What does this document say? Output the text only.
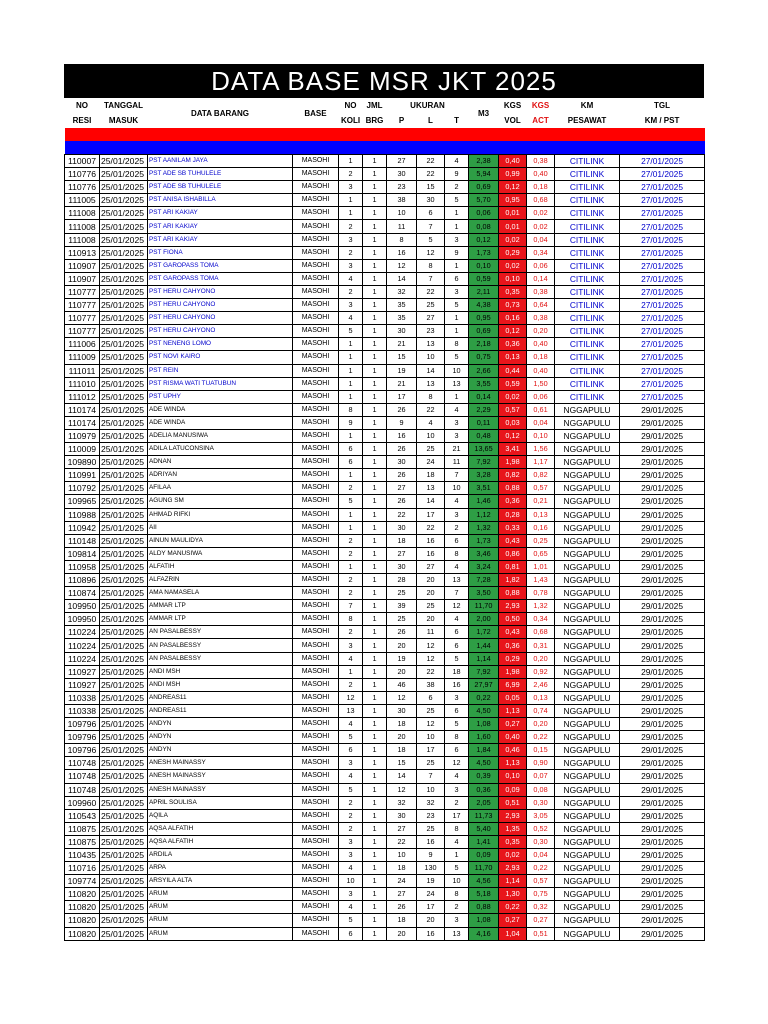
DATA BASE MSR JKT 2025
NO	TANGGAL	DATA BARANG	BASE	NO	JML	UKURAN			M3	KGS	KGS	KM	TGL
RESI	MASUK			KOLI	BRG	P	L	T		VOL	ACT	PESAWAT	KM / PST

110007	25/01/2025	PST AANILAM JAYA	MASOHI	1	1	27	22	4	2,38	0,40	0,38	CITILINK	27/01/2025
110776	25/01/2025	PST ADE SB TUHULELE	MASOHI	2	1	30	22	9	5,94	0,99	0,40	CITILINK	27/01/2025
110776	25/01/2025	PST ADE SB TUHULELE	MASOHI	3	1	23	15	2	0,69	0,12	0,18	CITILINK	27/01/2025
111005	25/01/2025	PST ANISA ISHABILLA	MASOHI	1	1	38	30	5	5,70	0,95	0,68	CITILINK	27/01/2025
111008	25/01/2025	PST ARI KAKIAY	MASOHI	1	1	10	6	1	0,06	0,01	0,02	CITILINK	27/01/2025
111008	25/01/2025	PST ARI KAKIAY	MASOHI	2	1	11	7	1	0,08	0,01	0,02	CITILINK	27/01/2025
111008	25/01/2025	PST ARI KAKIAY	MASOHI	3	1	8	5	3	0,12	0,02	0,04	CITILINK	27/01/2025
110913	25/01/2025	PST FIONA	MASOHI	2	1	16	12	9	1,73	0,29	0,34	CITILINK	27/01/2025
110907	25/01/2025	PST GAROPASS TOMA	MASOHI	3	1	12	8	1	0,10	0,02	0,06	CITILINK	27/01/2025
110907	25/01/2025	PST GAROPASS TOMA	MASOHI	4	1	14	7	6	0,59	0,10	0,14	CITILINK	27/01/2025
110777	25/01/2025	PST HERU CAHYONO	MASOHI	2	1	32	22	3	2,11	0,35	0,38	CITILINK	27/01/2025
110777	25/01/2025	PST HERU CAHYONO	MASOHI	3	1	35	25	5	4,38	0,73	0,64	CITILINK	27/01/2025
110777	25/01/2025	PST HERU CAHYONO	MASOHI	4	1	35	27	1	0,95	0,16	0,38	CITILINK	27/01/2025
110777	25/01/2025	PST HERU CAHYONO	MASOHI	5	1	30	23	1	0,69	0,12	0,20	CITILINK	27/01/2025
111006	25/01/2025	PST NENENG LOMO	MASOHI	1	1	21	13	8	2,18	0,36	0,40	CITILINK	27/01/2025
111009	25/01/2025	PST NOVI KAIRO	MASOHI	1	1	15	10	5	0,75	0,13	0,18	CITILINK	27/01/2025
111011	25/01/2025	PST REIN	MASOHI	1	1	19	14	10	2,66	0,44	0,40	CITILINK	27/01/2025
111010	25/01/2025	PST RISMA WATI TUATUBUN	MASOHI	1	1	21	13	13	3,55	0,59	1,50	CITILINK	27/01/2025
111012	25/01/2025	PST UPHY	MASOHI	1	1	17	8	1	0,14	0,02	0,06	CITILINK	27/01/2025
110174	25/01/2025	ADE WINDA	MASOHI	8	1	26	22	4	2,29	0,57	0,61	NGGAPULU	29/01/2025
110174	25/01/2025	ADE WINDA	MASOHI	9	1	9	4	3	0,11	0,03	0,04	NGGAPULU	29/01/2025
110979	25/01/2025	ADELIA MANUSIWA	MASOHI	1	1	16	10	3	0,48	0,12	0,10	NGGAPULU	29/01/2025
110009	25/01/2025	ADILA LATUCONSINA	MASOHI	6	1	26	25	21	13,65	3,41	1,56	NGGAPULU	29/01/2025
109890	25/01/2025	ADNAN	MASOHI	6	1	30	24	11	7,92	1,98	1,17	NGGAPULU	29/01/2025
110991	25/01/2025	ADRIYAN	MASOHI	1	1	26	18	7	3,28	0,82	0,82	NGGAPULU	29/01/2025
110792	25/01/2025	AFILAA	MASOHI	2	1	27	13	10	3,51	0,88	0,57	NGGAPULU	29/01/2025
109965	25/01/2025	AGUNG SM	MASOHI	5	1	26	14	4	1,46	0,36	0,21	NGGAPULU	29/01/2025
110988	25/01/2025	AHMAD RIFKI	MASOHI	1	1	22	17	3	1,12	0,28	0,13	NGGAPULU	29/01/2025
110942	25/01/2025	AII	MASOHI	1	1	30	22	2	1,32	0,33	0,16	NGGAPULU	29/01/2025
110148	25/01/2025	AINUN MAULIDYA	MASOHI	2	1	18	16	6	1,73	0,43	0,25	NGGAPULU	29/01/2025
109814	25/01/2025	ALDY MANUSIWA	MASOHI	2	1	27	16	8	3,46	0,86	0,65	NGGAPULU	29/01/2025
110958	25/01/2025	ALFATIH	MASOHI	1	1	30	27	4	3,24	0,81	1,01	NGGAPULU	29/01/2025
110896	25/01/2025	ALFAZRIN	MASOHI	2	1	28	20	13	7,28	1,82	1,43	NGGAPULU	29/01/2025
110874	25/01/2025	AMA NAMASELA	MASOHI	2	1	25	20	7	3,50	0,88	0,78	NGGAPULU	29/01/2025
109950	25/01/2025	AMMAR LTP	MASOHI	7	1	39	25	12	11,70	2,93	1,32	NGGAPULU	29/01/2025
109950	25/01/2025	AMMAR LTP	MASOHI	8	1	25	20	4	2,00	0,50	0,34	NGGAPULU	29/01/2025
110224	25/01/2025	AN PASALBESSY	MASOHI	2	1	26	11	6	1,72	0,43	0,68	NGGAPULU	29/01/2025
110224	25/01/2025	AN PASALBESSY	MASOHI	3	1	20	12	6	1,44	0,36	0,31	NGGAPULU	29/01/2025
110224	25/01/2025	AN PASALBESSY	MASOHI	4	1	19	12	5	1,14	0,29	0,20	NGGAPULU	29/01/2025
110927	25/01/2025	ANDI MSH	MASOHI	1	1	20	22	18	7,92	1,98	0,92	NGGAPULU	29/01/2025
110927	25/01/2025	ANDI MSH	MASOHI	2	1	46	38	16	27,97	6,99	2,46	NGGAPULU	29/01/2025
110338	25/01/2025	ANDREAS11	MASOHI	12	1	12	6	3	0,22	0,05	0,13	NGGAPULU	29/01/2025
110338	25/01/2025	ANDREAS11	MASOHI	13	1	30	25	6	4,50	1,13	0,74	NGGAPULU	29/01/2025
109796	25/01/2025	ANDYN	MASOHI	4	1	18	12	5	1,08	0,27	0,20	NGGAPULU	29/01/2025
109796	25/01/2025	ANDYN	MASOHI	5	1	20	10	8	1,60	0,40	0,22	NGGAPULU	29/01/2025
109796	25/01/2025	ANDYN	MASOHI	6	1	18	17	6	1,84	0,46	0,15	NGGAPULU	29/01/2025
110748	25/01/2025	ANESH MAINASSY	MASOHI	3	1	15	25	12	4,50	1,13	0,90	NGGAPULU	29/01/2025
110748	25/01/2025	ANESH MAINASSY	MASOHI	4	1	14	7	4	0,39	0,10	0,07	NGGAPULU	29/01/2025
110748	25/01/2025	ANESH MAINASSY	MASOHI	5	1	12	10	3	0,36	0,09	0,08	NGGAPULU	29/01/2025
109960	25/01/2025	APRIL SOULISA	MASOHI	2	1	32	32	2	2,05	0,51	0,30	NGGAPULU	29/01/2025
110543	25/01/2025	AQILA	MASOHI	2	1	30	23	17	11,73	2,93	3,05	NGGAPULU	29/01/2025
110875	25/01/2025	AQSA ALFATIH	MASOHI	2	1	27	25	8	5,40	1,35	0,52	NGGAPULU	29/01/2025
110875	25/01/2025	AQSA ALFATIH	MASOHI	3	1	22	16	4	1,41	0,35	0,30	NGGAPULU	29/01/2025
110435	25/01/2025	ARDILA	MASOHI	3	1	10	9	1	0,09	0,02	0,04	NGGAPULU	29/01/2025
110716	25/01/2025	ARPA	MASOHI	4	1	18	130	5	11,70	2,93	0,22	NGGAPULU	29/01/2025
109774	25/01/2025	ARSYILA ALTA	MASOHI	10	1	24	19	10	4,56	1,14	0,57	NGGAPULU	29/01/2025
110820	25/01/2025	ARUM	MASOHI	3	1	27	24	8	5,18	1,30	0,75	NGGAPULU	29/01/2025
110820	25/01/2025	ARUM	MASOHI	4	1	26	17	2	0,88	0,22	0,32	NGGAPULU	29/01/2025
110820	25/01/2025	ARUM	MASOHI	5	1	18	20	3	1,08	0,27	0,27	NGGAPULU	29/01/2025
110820	25/01/2025	ARUM	MASOHI	6	1	20	16	13	4,16	1,04	0,51	NGGAPULU	29/01/2025
